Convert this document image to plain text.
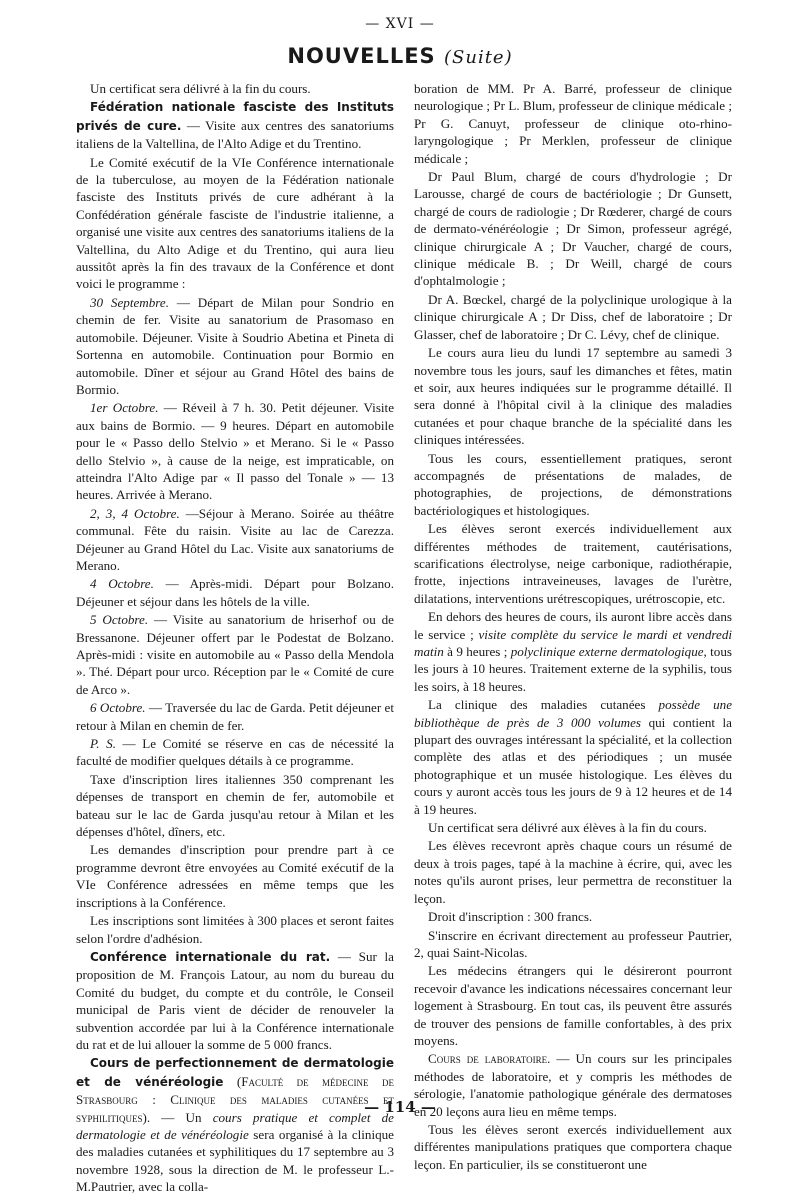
— XVI —
NOUVELLES (Suite)

Un certificat sera délivré à la fin du cours.

Fédération nationale fasciste des Instituts privés de cure. — Visite aux centres des sanatoriums italiens de la Valtellina, de l'Alto Adige et du Trentino.

Le Comité exécutif de la VIe Conférence internationale de la tuberculose, au moyen de la Fédération nationale fasciste des Instituts privés de cure adhérant à la Confédération générale fasciste de l'industrie italienne, a organisé une visite aux centres des sanatoriums italiens de la Valtellina, du Alto Adige et du Trentino, qui aura lieu aussitôt après la fin des travaux de la Conférence et dont voici le programme :

30 Septembre. — Départ de Milan pour Sondrio en chemin de fer. Visite au sanatorium de Prasomaso en automobile. Déjeuner. Visite à Soudrio Abetina et Pineta di Sortenna en automobile. Continuation pour Bormio en automobile. Dîner et séjour au Grand Hôtel des bains de Bormio.

1er Octobre. — Réveil à 7 h. 30. Petit déjeuner. Visite aux bains de Bormio. — 9 heures. Départ en automobile pour le « Passo dello Stelvio » et Merano. Si le « Passo dello Stelvio », à cause de la neige, est impraticable, on atteindra l'Alto Adige par « Il passo del Tonale » — 13 heures. Arrivée à Merano.

2, 3, 4 Octobre. —Séjour à Merano. Soirée au théâtre communal. Fête du raisin. Visite au lac de Carezza. Déjeuner au Grand Hôtel du Lac. Visite aux sanatoriums de Merano.

4 Octobre. — Après-midi. Départ pour Bolzano. Déjeuner et séjour dans les hôtels de la ville.

5 Octobre. — Visite au sanatorium de hriserhof ou de Bressanone. Déjeuner offert par le Podestat de Bolzano. Après-midi : visite en automobile au « Passo della Mendola ». Thé. Départ pour urco. Réception par le « Comité de cure de Arco ».

6 Octobre. — Traversée du lac de Garda. Petit déjeuner et retour à Milan en chemin de fer.

P. S. — Le Comité se réserve en cas de nécessité la faculté de modifier quelques détails à ce programme.

Taxe d'inscription lires italiennes 350 comprenant les dépenses de transport en chemin de fer, automobile et bateau sur le lac de Garda jusqu'au retour à Milan et les dépenses d'hôtel, dîners, etc.

Les demandes d'inscription pour prendre part à ce programme devront être envoyées au Comité exécutif de la VIe Conférence adressées en même temps que les inscriptions à la Conférence.

Les inscriptions sont limitées à 300 places et seront faites selon l'ordre d'adhésion.

Conférence internationale du rat. — Sur la proposition de M. François Latour, au nom du bureau du Comité du budget, du compte et du contrôle, le Conseil municipal de Paris vient de décider de renouveler la subvention accordée par lui à la Conférence internationale du rat et de lui allouer la somme de 5 000 francs.

Cours de perfectionnement de dermatologie et de vénéréologie (Faculté de médecine de Strasbourg : Clinique des maladies cutanées et syphilitiques). — Un cours pratique et complet de dermatologie et de vénéréologie sera organisé à la clinique des maladies cutanées et syphilitiques du 17 septembre au 3 novembre 1928, sous la direction de M. le professeur L.-M.Pautrier, avec la colla-

boration de MM. Pr A. Barré, professeur de clinique neurologique ; Pr L. Blum, professeur de clinique médicale ; Pr G. Canuyt, professeur de clinique oto-rhino-laryngologique ; Pr Merklen, professeur de clinique médicale ;

Dr Paul Blum, chargé de cours d'hydrologie ; Dr Larousse, chargé de cours de bactériologie ; Dr Gunsett, chargé de cours de radiologie ; Dr Rœderer, chargé de cours de dermato-vénéréologie ; Dr Simon, professeur agrégé, clinique chirurgicale A ; Dr Vaucher, chargé de cours, clinique médicale B. ; Dr Weill, chargé de cours d'ophtalmologie ;

Dr A. Bœckel, chargé de la polyclinique urologique à la clinique chirurgicale A ; Dr Diss, chef de laboratoire ; Dr Glasser, chef de laboratoire ; Dr C. Lévy, chef de clinique.

Le cours aura lieu du lundi 17 septembre au samedi 3 novembre tous les jours, sauf les dimanches et fêtes, matin et soir, aux heures indiquées sur le programme détaillé. Il sera donné à l'hôpital civil à la clinique des maladies cutanées et pour chaque branche de la spécialité dans les cliniques intéressées.

Tous les cours, essentiellement pratiques, seront accompagnés de présentations de malades, de photographies, de projections, de démonstrations bactériologiques et histologiques.

Les élèves seront exercés individuellement aux différentes méthodes de traitement, cautérisations, scarifications électrolyse, neige carbonique, radiothérapie, frotte, injections intraveineuses, lavages de l'urètre, dilatations, interventions urétrescopiques, urétroscopie, etc.

En dehors des heures de cours, ils auront libre accès dans le service ; visite complète du service le mardi et vendredi matin à 9 heures ; polyclinique externe dermatologique, tous les jours à 10 heures. Traitement externe de la syphilis, tous les soirs, à 18 heures.

La clinique des maladies cutanées possède une bibliothèque de près de 3 000 volumes qui contient la plupart des ouvrages intéressant la spécialité, et la collection complète des atlas et des périodiques ; un musée photographique et un musée histologique. Les élèves du cours y auront accès tous les jours de 9 à 12 heures et de 14 à 19 heures.

Un certificat sera délivré aux élèves à la fin du cours.

Les élèves recevront après chaque cours un résumé de deux à trois pages, tapé à la machine à écrire, qui, avec les notes qu'ils auront prises, leur permettra de reconstituer la leçon.

Droit d'inscription : 300 francs.

S'inscrire en écrivant directement au professeur Pautrier, 2, quai Saint-Nicolas.

Les médecins étrangers qui le désireront pourront recevoir d'avance les indications nécessaires concernant leur logement à Strasbourg. En tout cas, ils peuvent être assurés de trouver des pensions de famille confortables, à des prix moyens.

Cours de laboratoire. — Un cours sur les principales méthodes de laboratoire, et y compris les méthodes de sérologie, l'anatomie pathologique générale des dermatoses en 20 leçons aura lieu en même temps.

Tous les élèves seront exercés individuellement aux différentes manipulations pratiques que comportera chaque leçon. En particulier, ils se constitueront une

— 114 —
